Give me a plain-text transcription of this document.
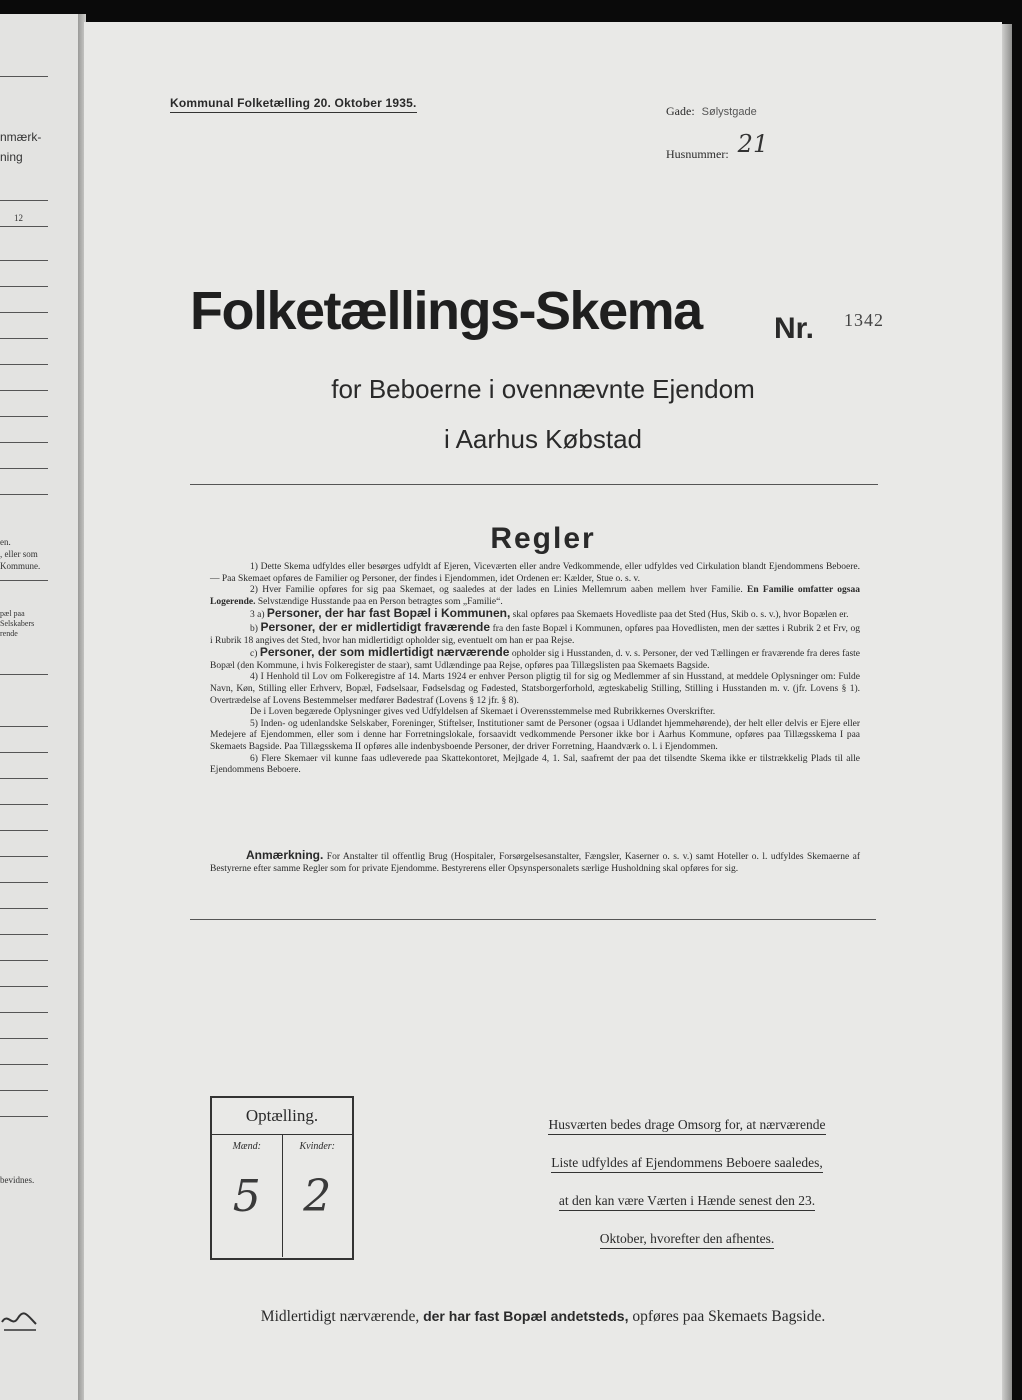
nmærk-
ning
12
en.
, eller som
Kommune.
pæl paa
Selskabers
rende
bevidnes.
Kommunal Folketælling 20. Oktober 1935.
Gade: Sølystgade
Husnummer: 21
Folketællings-Skema Nr. 1342
for Beboerne i ovennævnte Ejendom
i Aarhus Købstad
Regler

1) Dette Skema udfyldes eller besørges udfyldt af Ejeren, Viceværten eller andre Vedkommende, eller udfyldes ved Cirkulation blandt Ejendommens Beboere. — Paa Skemaet opføres de Familier og Personer, der findes i Ejendommen, idet Ordenen er: Kælder, Stue o. s. v.

2) Hver Familie opføres for sig paa Skemaet, og saaledes at der lades en Linies Mellemrum aaben mellem hver Familie. En Familie omfatter ogsaa Logerende. Selvstændige Husstande paa en Person betragtes som „Familie“.

3 a) Personer, der har fast Bopæl i Kommunen, skal opføres paa Skemaets Hovedliste paa det Sted (Hus, Skib o. s. v.), hvor Bopælen er.

b) Personer, der er midlertidigt fraværende fra den faste Bopæl i Kommunen, opføres paa Hovedlisten, men der sættes i Rubrik 2 et Frv, og i Rubrik 18 angives det Sted, hvor han midlertidigt opholder sig, eventuelt om han er paa Rejse.

c) Personer, der som midlertidigt nærværende opholder sig i Husstanden, d. v. s. Personer, der ved Tællingen er fraværende fra deres faste Bopæl (den Kommune, i hvis Folkeregister de staar), samt Udlændinge paa Rejse, opføres paa Tillægslisten paa Skemaets Bagside.

4) I Henhold til Lov om Folkeregistre af 14. Marts 1924 er enhver Person pligtig til for sig og Medlemmer af sin Husstand, at meddele Oplysninger om: Fulde Navn, Køn, Stilling eller Erhverv, Bopæl, Fødselsaar, Fødselsdag og Fødested, Statsborgerforhold, ægteskabelig Stilling, Stilling i Husstanden m. v. (jfr. Lovens § 1). Overtrædelse af Lovens Bestemmelser medfører Bødestraf (Lovens § 12 jfr. § 8).

De i Loven begærede Oplysninger gives ved Udfyldelsen af Skemaet i Overensstemmelse med Rubrikkernes Overskrifter.

5) Inden- og udenlandske Selskaber, Foreninger, Stiftelser, Institutioner samt de Personer (ogsaa i Udlandet hjemmehørende), der helt eller delvis er Ejere eller Medejere af Ejendommen, eller som i denne har Forretningslokale, forsaavidt vedkommende Personer ikke bor i Aarhus Kommune, opføres paa Tillægsskema I paa Skemaets Bagside. Paa Tillægsskema II opføres alle indenbysboende Personer, der driver Forretning, Haandværk o. l. i Ejendommen.

6) Flere Skemaer vil kunne faas udleverede paa Skattekontoret, Mejlgade 4, 1. Sal, saafremt der paa det tilsendte Skema ikke er tilstrækkelig Plads til alle Ejendommens Beboere.

Anmærkning. For Anstalter til offentlig Brug (Hospitaler, Forsørgelsesanstalter, Fængsler, Kaserner o. s. v.) samt Hoteller o. l. udfyldes Skemaerne af Bestyrerne efter samme Regler som for private Ejendomme. Bestyrerens eller Opsynspersonalets særlige Husholdning skal opføres for sig.

Optælling.
Mænd:
5
Kvinder:
2
Husværten bedes drage Omsorg for, at nærværende
Liste udfyldes af Ejendommens Beboere saaledes,
at den kan være Værten i Hænde senest den 23.
Oktober, hvorefter den afhentes.
Midlertidigt nærværende, der har fast Bopæl andetsteds, opføres paa Skemaets Bagside.
